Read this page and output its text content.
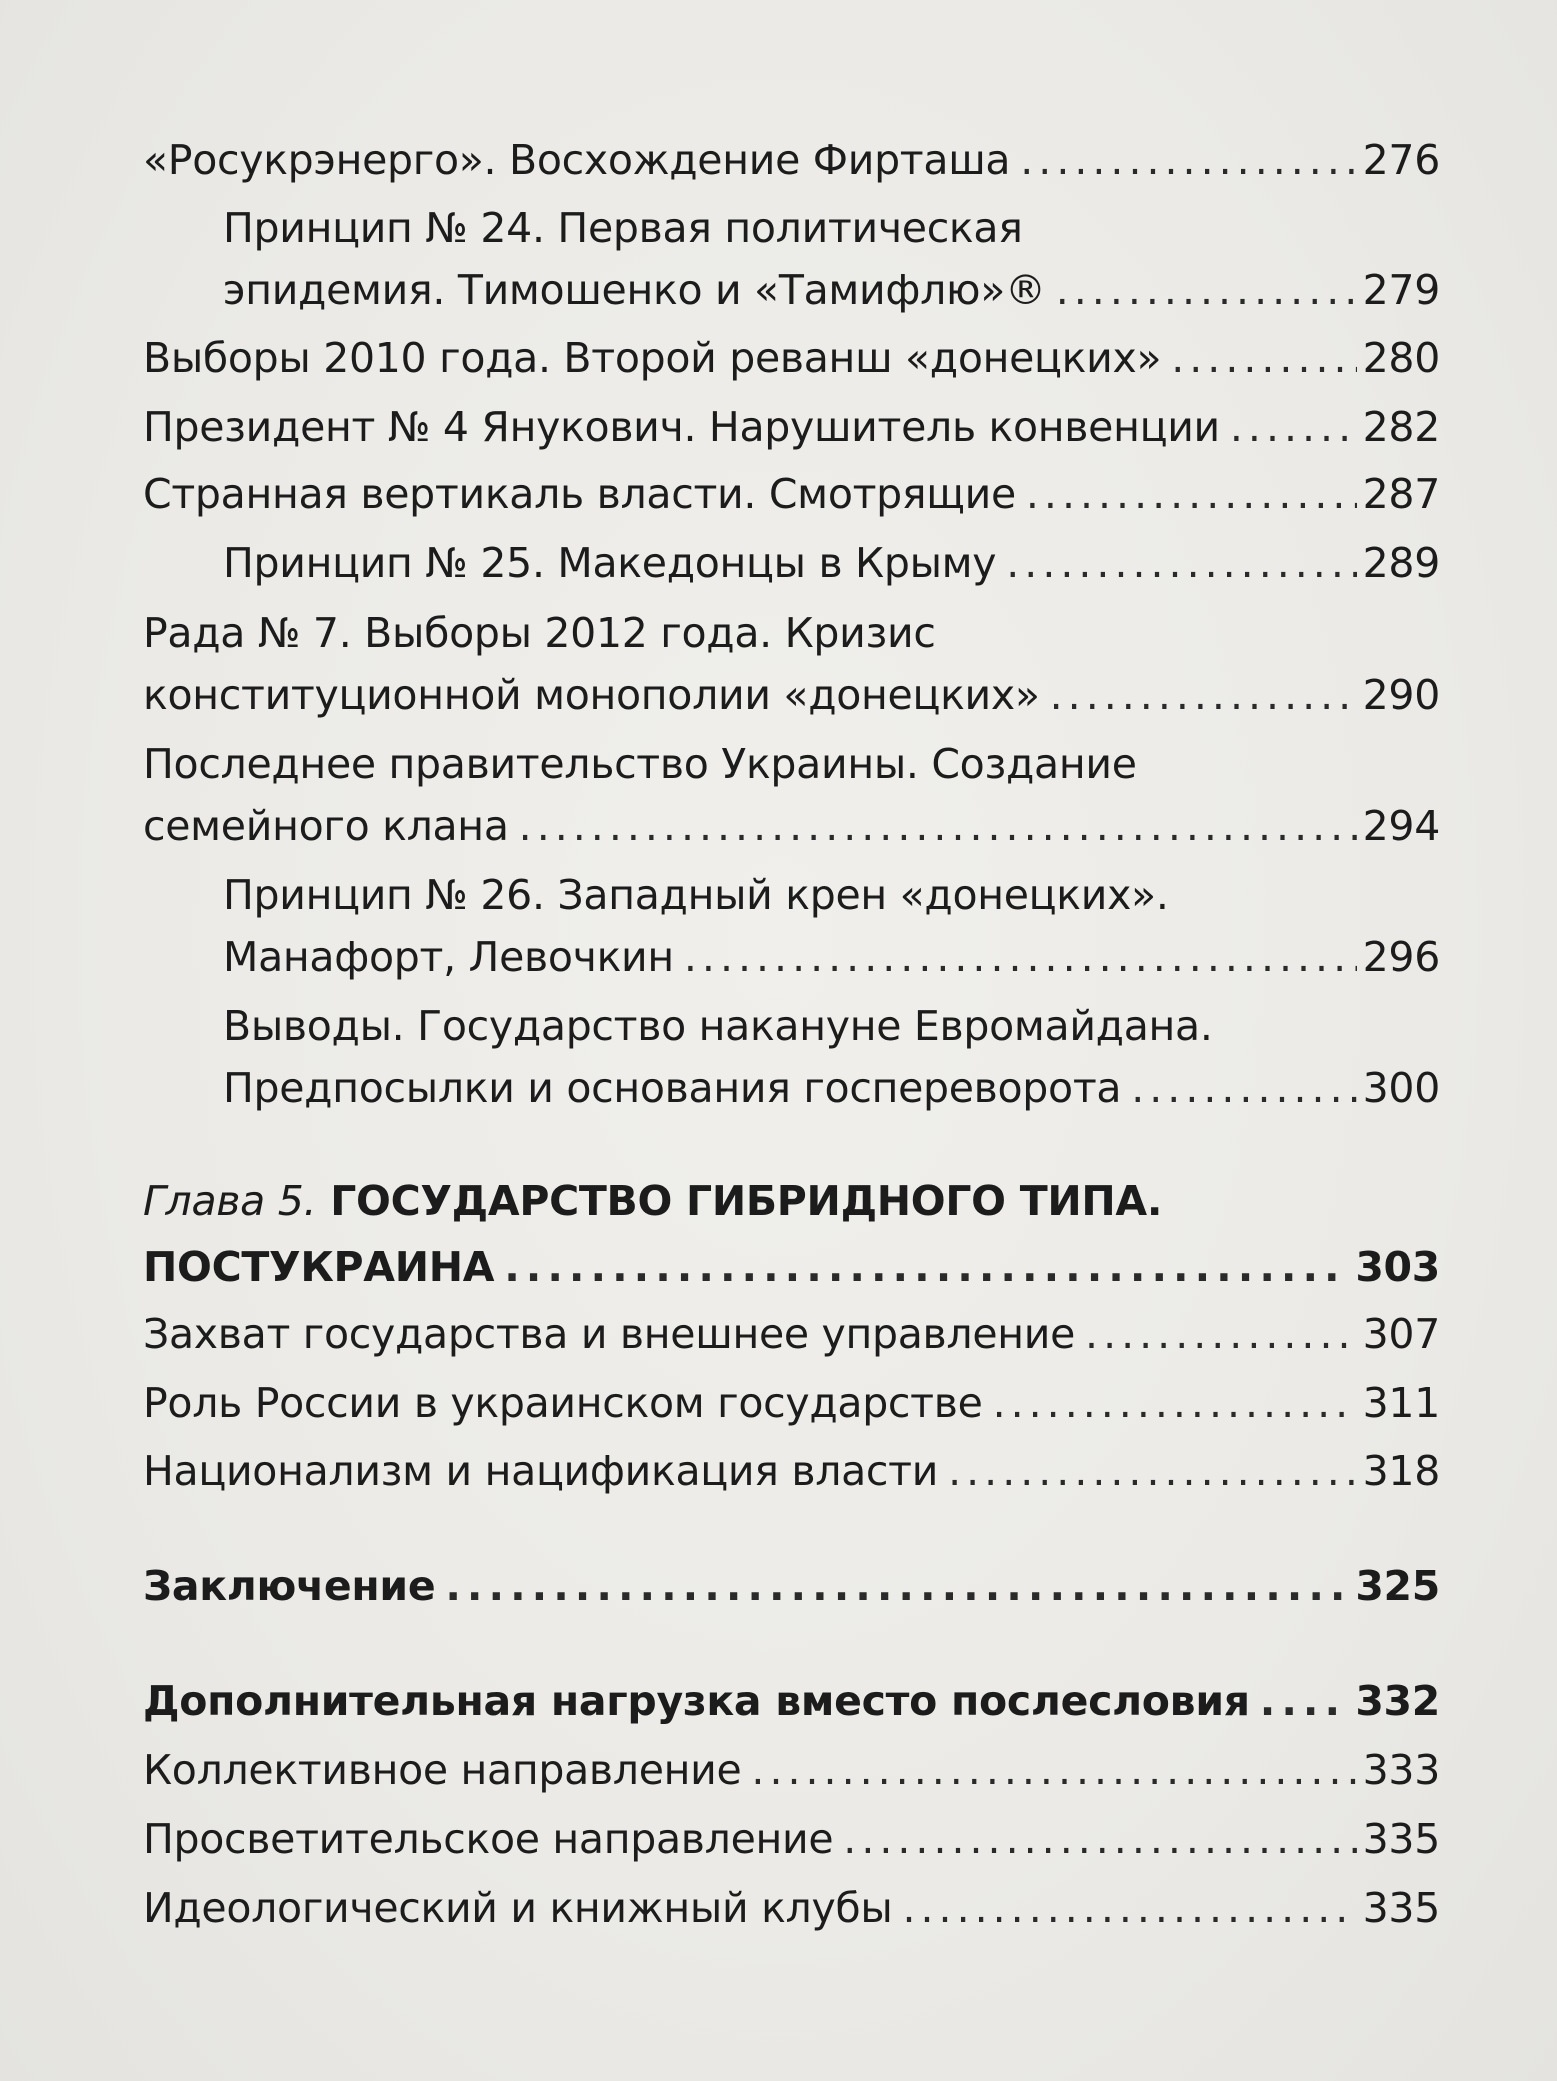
«Росукрэнерго». Восхождение Фирташа .....	276
Принцип № 24. Первая политическая
эпидемия. Тимошенко и «Тамифлю»® .....	279
Выборы 2010 года. Второй реванш «донецких» .....	280
Президент № 4 Янукович. Нарушитель конвенции .....	282
Странная вертикаль власти. Смотрящие .....	287
Принцип № 25. Македонцы в Крыму .....	289
Рада № 7. Выборы 2012 года. Кризис
конституционной монополии «донецких» .....	290
Последнее правительство Украины. Создание
семейного клана .....	294
Принцип № 26. Западный крен «донецких».
Манафорт, Левочкин .....	296
Выводы. Государство накануне Евромайдана.
Предпосылки и основания госпереворота .....	300
Глава 5. ГОСУДАРСТВО ГИБРИДНОГО ТИПА.
ПОСТУКРАИНА .....	303
Захват государства и внешнее управление .....	307
Роль России в украинском государстве .....	311
Национализм и нацификация власти .....	318
Заключение .....	325
Дополнительная нагрузка вместо послесловия .....	332
Коллективное направление .....	333
Просветительское направление .....	335
Идеологический и книжный клубы .....	335
